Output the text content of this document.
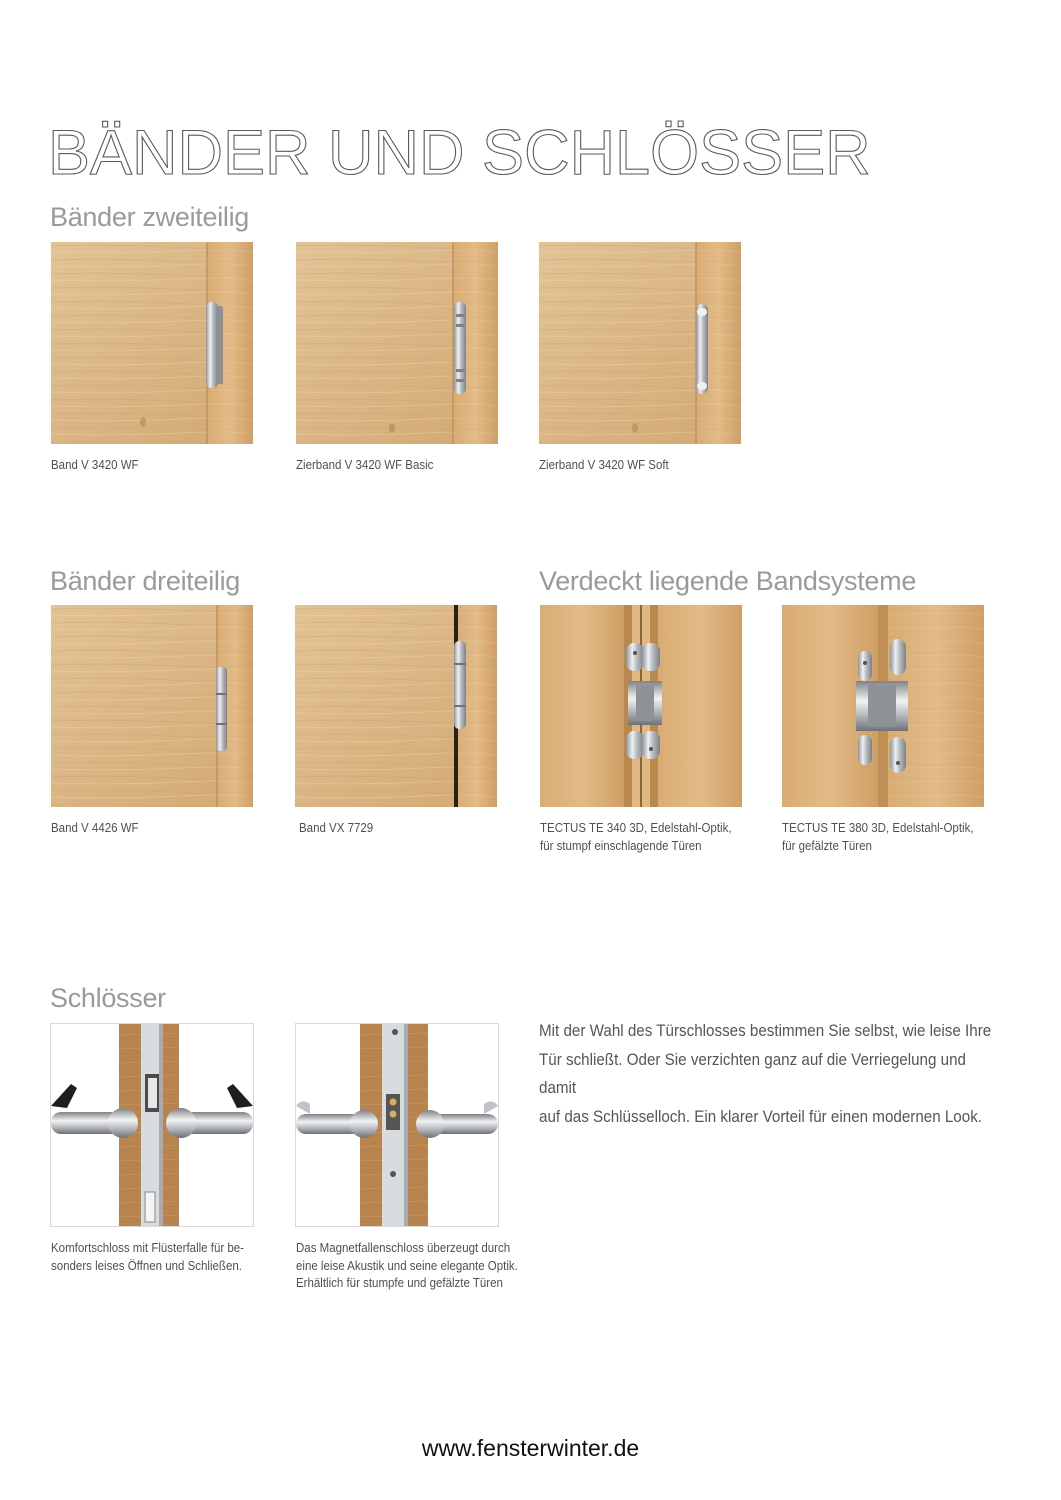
BÄNDER UND SCHLÖSSER
Bänder zweiteilig
Band V 3420 WF	Zierband V 3420 WF Basic	Zierband V 3420 WF Soft
Bänder dreiteilig
Band V 4426 WF	Band VX 7729
Verdeckt liegende Bandsysteme
TECTUS TE 340 3D, Edelstahl-Optik,
für stumpf einschlagende Türen
TECTUS TE 380 3D, Edelstahl-Optik,
für gefälzte Türen
Schlösser
Komfortschloss mit Flüsterfalle für be-
sonders leises Öffnen und Schließen.
Das Magnetfallenschloss überzeugt durch
eine leise Akustik und seine elegante Optik.
Erhältlich für stumpfe und gefälzte Türen
Mit der Wahl des Türschlosses bestimmen Sie selbst, wie leise Ihre
Tür schließt. Oder Sie verzichten ganz auf die Verriegelung und damit
auf das Schlüsselloch. Ein klarer Vorteil für einen modernen Look.
www.fensterwinter.de
